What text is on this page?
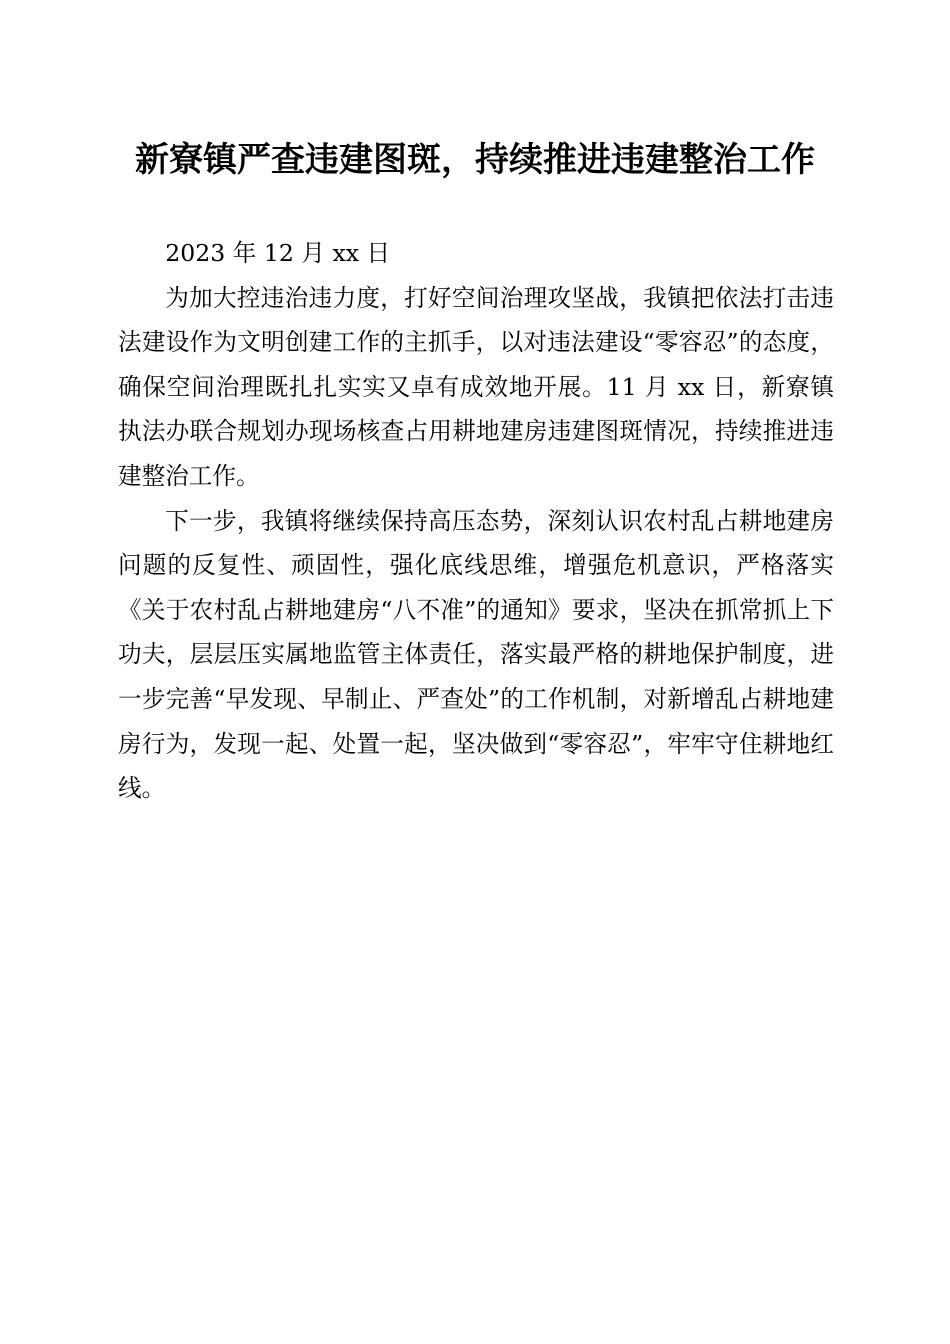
新寮镇严查违建图斑，持续推进违建整治工作

2023 年 12 月 xx 日

为加大控违治违力度，打好空间治理攻坚战，我镇把依法打击违法建设作为文明创建工作的主抓手，以对违法建设“零容忍”的态度，确保空间治理既扎扎实实又卓有成效地开展。11 月 xx 日，新寮镇执法办联合规划办现场核查占用耕地建房违建图斑情况，持续推进违建整治工作。

下一步，我镇将继续保持高压态势，深刻认识农村乱占耕地建房问题的反复性、顽固性，强化底线思维，增强危机意识，严格落实《关于农村乱占耕地建房“八不准”的通知》要求，坚决在抓常抓上下功夫，层层压实属地监管主体责任，落实最严格的耕地保护制度，进一步完善“早发现、早制止、严查处”的工作机制，对新增乱占耕地建房行为，发现一起、处置一起，坚决做到“零容忍”，牢牢守住耕地红线。
